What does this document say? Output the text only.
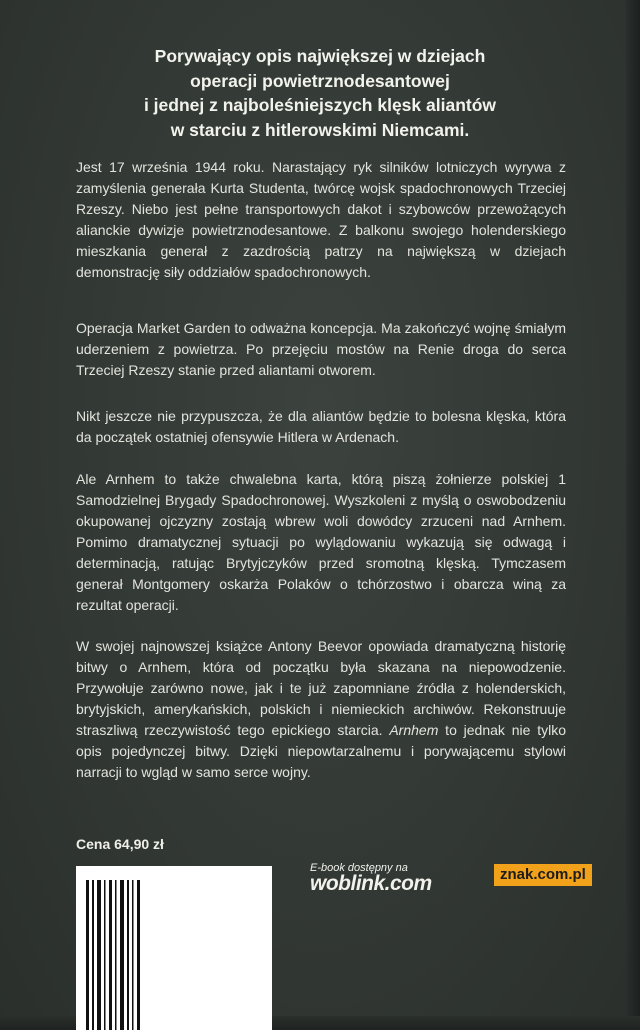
Porywający opis największej w dziejach
operacji powietrznodesantowej
i jednej z najboleśniejszych klęsk aliantów
w starciu z hitlerowskimi Niemcami.

Jest 17 września 1944 roku. Narastający ryk silników lotniczych wyrywa z zamyślenia generała Kurta Studenta, twórcę wojsk spadochronowych Trzeciej Rzeszy. Niebo jest pełne transportowych dakot i szybowców przewożących alianckie dywizje powietrznodesantowe. Z balkonu swojego holenderskiego mieszkania generał z zazdrością patrzy na największą w dziejach demonstrację siły oddziałów spadochronowych.

Operacja Market Garden to odważna koncepcja. Ma zakończyć wojnę śmiałym uderzeniem z powietrza. Po przejęciu mostów na Renie droga do serca Trzeciej Rzeszy stanie przed aliantami otworem.

Nikt jeszcze nie przypuszcza, że dla aliantów będzie to bolesna klęska, która da początek ostatniej ofensywie Hitlera w Ardenach.

Ale Arnhem to także chwalebna karta, którą piszą żołnierze polskiej 1 Samodzielnej Brygady Spadochronowej. Wyszkoleni z myślą o oswobodzeniu okupowanej ojczyzny zostają wbrew woli dowódcy zrzuceni nad Arnhem. Pomimo dramatycznej sytuacji po wylądowaniu wykazują się odwagą i determinacją, ratując Brytyjczyków przed sromotną klęską. Tymczasem generał Montgomery oskarża Polaków o tchórzostwo i obarcza winą za rezultat operacji.

W swojej najnowszej książce Antony Beevor opowiada dramatyczną historię bitwy o Arnhem, która od początku była skazana na niepowodzenie. Przywołuje zarówno nowe, jak i te już zapomniane źródła z holenderskich, brytyjskich, amerykańskich, polskich i niemieckich archiwów. Rekonstruuje straszliwą rzeczywistość tego epickiego starcia. Arnhem to jednak nie tylko opis pojedynczej bitwy. Dzięki niepowtarzalnemu i porywającemu stylowi narracji to wgląd w samo serce wojny.

Cena 64,90 zł
E-book dostępny na
woblink.com	znak.com.pl
